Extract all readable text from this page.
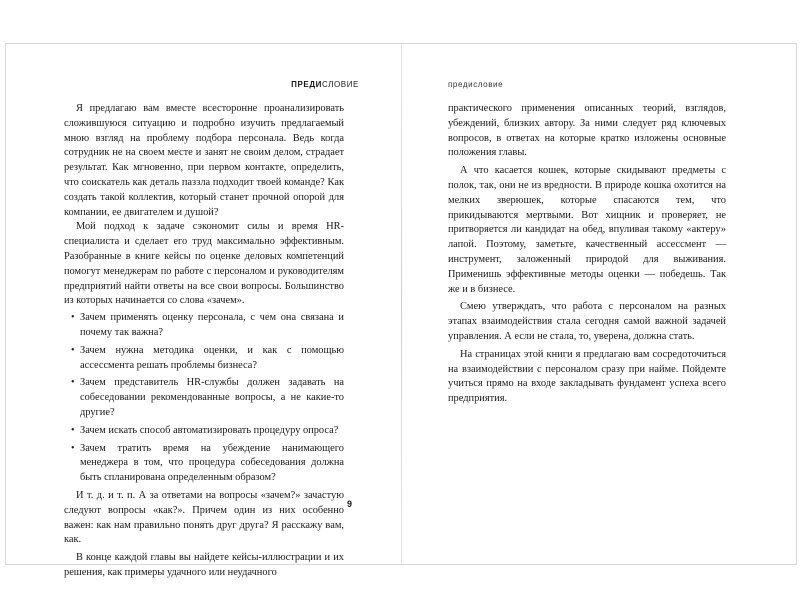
ПРЕДИСЛОВИЕ	предисловие

Я предлагаю вам вместе всесторонне проанализировать сложившуюся ситуацию и подробно изучить предлагаемый мною взгляд на проблему подбора персонала. Ведь когда сотрудник не на своем месте и занят не своим делом, страдает результат. Как мгновенно, при первом контакте, определить, что соискатель как деталь паззла подходит твоей команде? Как создать такой коллектив, который станет прочной опорой для компании, ее двигателем и душой?

Мой подход к задаче сэкономит силы и время HR-специалиста и сделает его труд максимально эффективным. Разобранные в книге кейсы по оценке деловых компетенций помогут менеджерам по работе с персоналом и руководителям предприятий найти ответы на все свои вопросы. Большинство из которых начинается со слова «зачем».

• Зачем применять оценку персонала, с чем она связана и почему так важна?
• Зачем нужна методика оценки, и как с помощью ассессмента решать проблемы бизнеса?
• Зачем представитель HR-службы должен задавать на собеседовании рекомендованные вопросы, а не какие-то другие?
• Зачем искать способ автоматизировать процедуру опроса?
• Зачем тратить время на убеждение нанимающего менеджера в том, что процедура собеседования должна быть спланирована определенным образом?

И т. д. и т. п. А за ответами на вопросы «зачем?» зачастую следуют вопросы «как?». Причем один из них особенно важен: как нам правильно понять друг друга? Я расскажу вам, как.

В конце каждой главы вы найдете кейсы-иллюстрации и их решения, как примеры удачного или неудачного

9

практического применения описанных теорий, взглядов, убеждений, близких автору. За ними следует ряд ключевых вопросов, в ответах на которые кратко изложены основные положения главы.

А что касается кошек, которые скидывают предметы с полок, так, они не из вредности. В природе кошка охотится на мелких зверюшек, которые спасаются тем, что прикидываются мертвыми. Вот хищник и проверяет, не притворяется ли кандидат на обед, впуливая такому «актеру» лапой. Поэтому, заметьте, качественный ассессмент — инструмент, заложенный природой для выживания. Применишь эффективные методы оценки — победешь. Так же и в бизнесе.

Смею утверждать, что работа с персоналом на разных этапах взаимодействия стала сегодня самой важной задачей управления. А если не стала, то, уверена, должна стать.

На страницах этой книги я предлагаю вам сосредоточиться на взаимодействии с персоналом сразу при найме. Пойдемте учиться прямо на входе закладывать фундамент успеха всего предприятия.
